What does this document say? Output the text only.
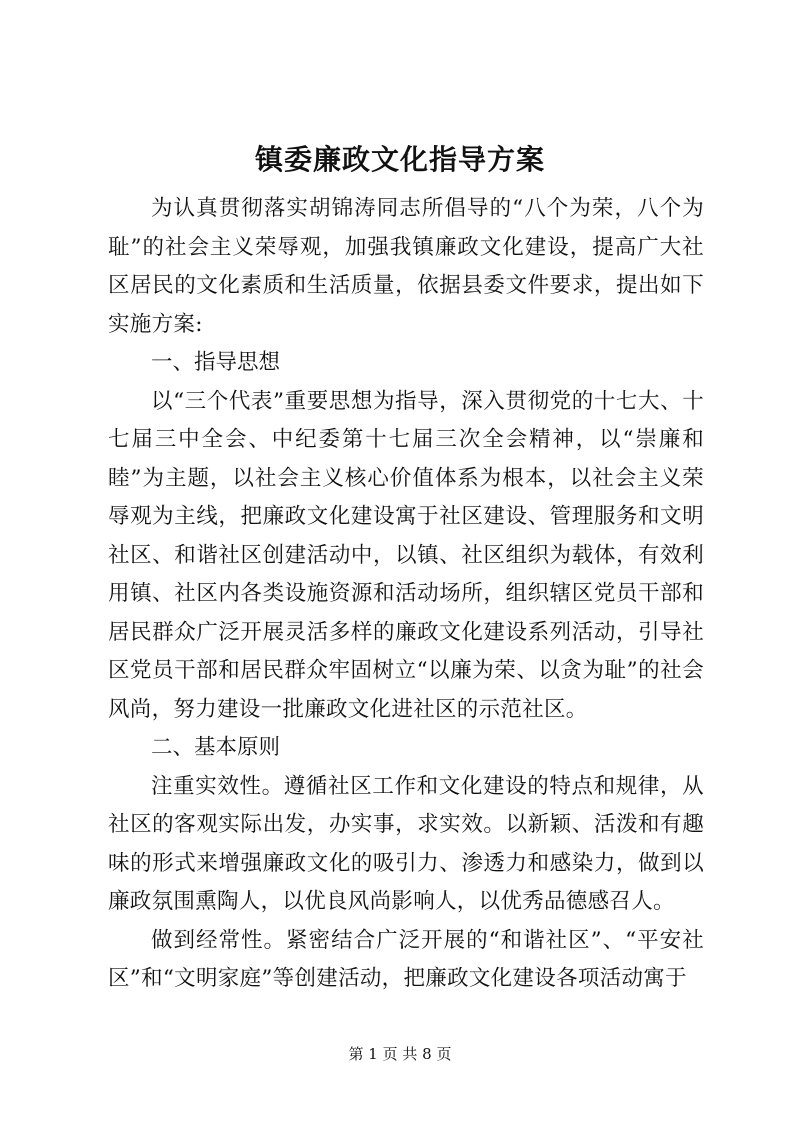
镇委廉政文化指导方案

为认真贯彻落实胡锦涛同志所倡导的“八个为荣，八个为耻”的社会主义荣辱观，加强我镇廉政文化建设，提高广大社区居民的文化素质和生活质量，依据县委文件要求，提出如下实施方案:

一、指导思想

以“三个代表”重要思想为指导，深入贯彻党的十七大、十七届三中全会、中纪委第十七届三次全会精神，以“崇廉和睦”为主题，以社会主义核心价值体系为根本，以社会主义荣辱观为主线，把廉政文化建设寓于社区建设、管理服务和文明社区、和谐社区创建活动中，以镇、社区组织为载体，有效利用镇、社区内各类设施资源和活动场所，组织辖区党员干部和居民群众广泛开展灵活多样的廉政文化建设系列活动，引导社区党员干部和居民群众牢固树立“以廉为荣、以贪为耻”的社会风尚，努力建设一批廉政文化进社区的示范社区。

二、基本原则

注重实效性。遵循社区工作和文化建设的特点和规律，从社区的客观实际出发，办实事，求实效。以新颖、活泼和有趣味的形式来增强廉政文化的吸引力、渗透力和感染力，做到以廉政氛围熏陶人，以优良风尚影响人，以优秀品德感召人。

做到经常性。紧密结合广泛开展的“和谐社区”、“平安社区”和“文明家庭”等创建活动，把廉政文化建设各项活动寓于

第 1 页 共 8 页
